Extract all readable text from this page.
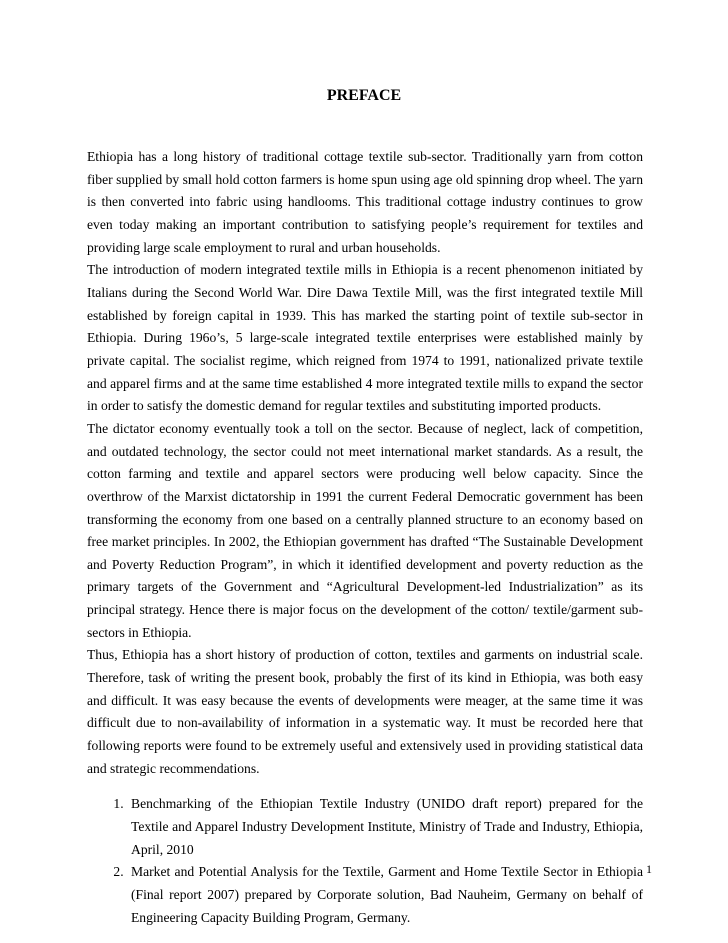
PREFACE

Ethiopia has a long history of traditional cottage textile sub-sector. Traditionally yarn from cotton fiber supplied by small hold cotton farmers is home spun using age old spinning drop wheel. The yarn is then converted into fabric using handlooms. This traditional cottage industry continues to grow even today making an important contribution to satisfying people’s requirement for textiles and providing large scale employment to rural and urban households.

The introduction of modern integrated textile mills in Ethiopia is a recent phenomenon initiated by Italians during the Second World War. Dire Dawa Textile Mill, was the first integrated textile Mill established by foreign capital in 1939. This has marked the starting point of textile sub-sector in Ethiopia. During 196o’s, 5 large-scale integrated textile enterprises were established mainly by private capital. The socialist regime, which reigned from 1974 to 1991, nationalized private textile and apparel firms and at the same time established 4 more integrated textile mills to expand the sector in order to satisfy the domestic demand for regular textiles and substituting imported products.

The dictator economy eventually took a toll on the sector. Because of neglect, lack of competition, and outdated technology, the sector could not meet international market standards. As a result, the cotton farming and textile and apparel sectors were producing well below capacity. Since the overthrow of the Marxist dictatorship in 1991 the current Federal Democratic government has been transforming the economy from one based on a centrally planned structure to an economy based on free market principles. In 2002, the Ethiopian government has drafted “The Sustainable Development and Poverty Reduction Program”, in which it identified development and poverty reduction as the primary targets of the Government and “Agricultural Development-led Industrialization” as its principal strategy. Hence there is major focus on the development of the cotton/ textile/garment sub-sectors in Ethiopia.

Thus, Ethiopia has a short history of production of cotton, textiles and garments on industrial scale. Therefore, task of writing the present book, probably the first of its kind in Ethiopia, was both easy and difficult. It was easy because the events of developments were meager, at the same time it was difficult due to non-availability of information in a systematic way. It must be recorded here that following reports were found to be extremely useful and extensively used in providing statistical data and strategic recommendations.

1. Benchmarking of the Ethiopian Textile Industry (UNIDO draft report) prepared for the Textile and Apparel Industry Development Institute, Ministry of Trade and Industry, Ethiopia, April, 2010
2. Market and Potential Analysis for the Textile, Garment and Home Textile Sector in Ethiopia (Final report 2007) prepared by Corporate solution, Bad Nauheim, Germany on behalf of Engineering Capacity Building Program, Germany.
1
